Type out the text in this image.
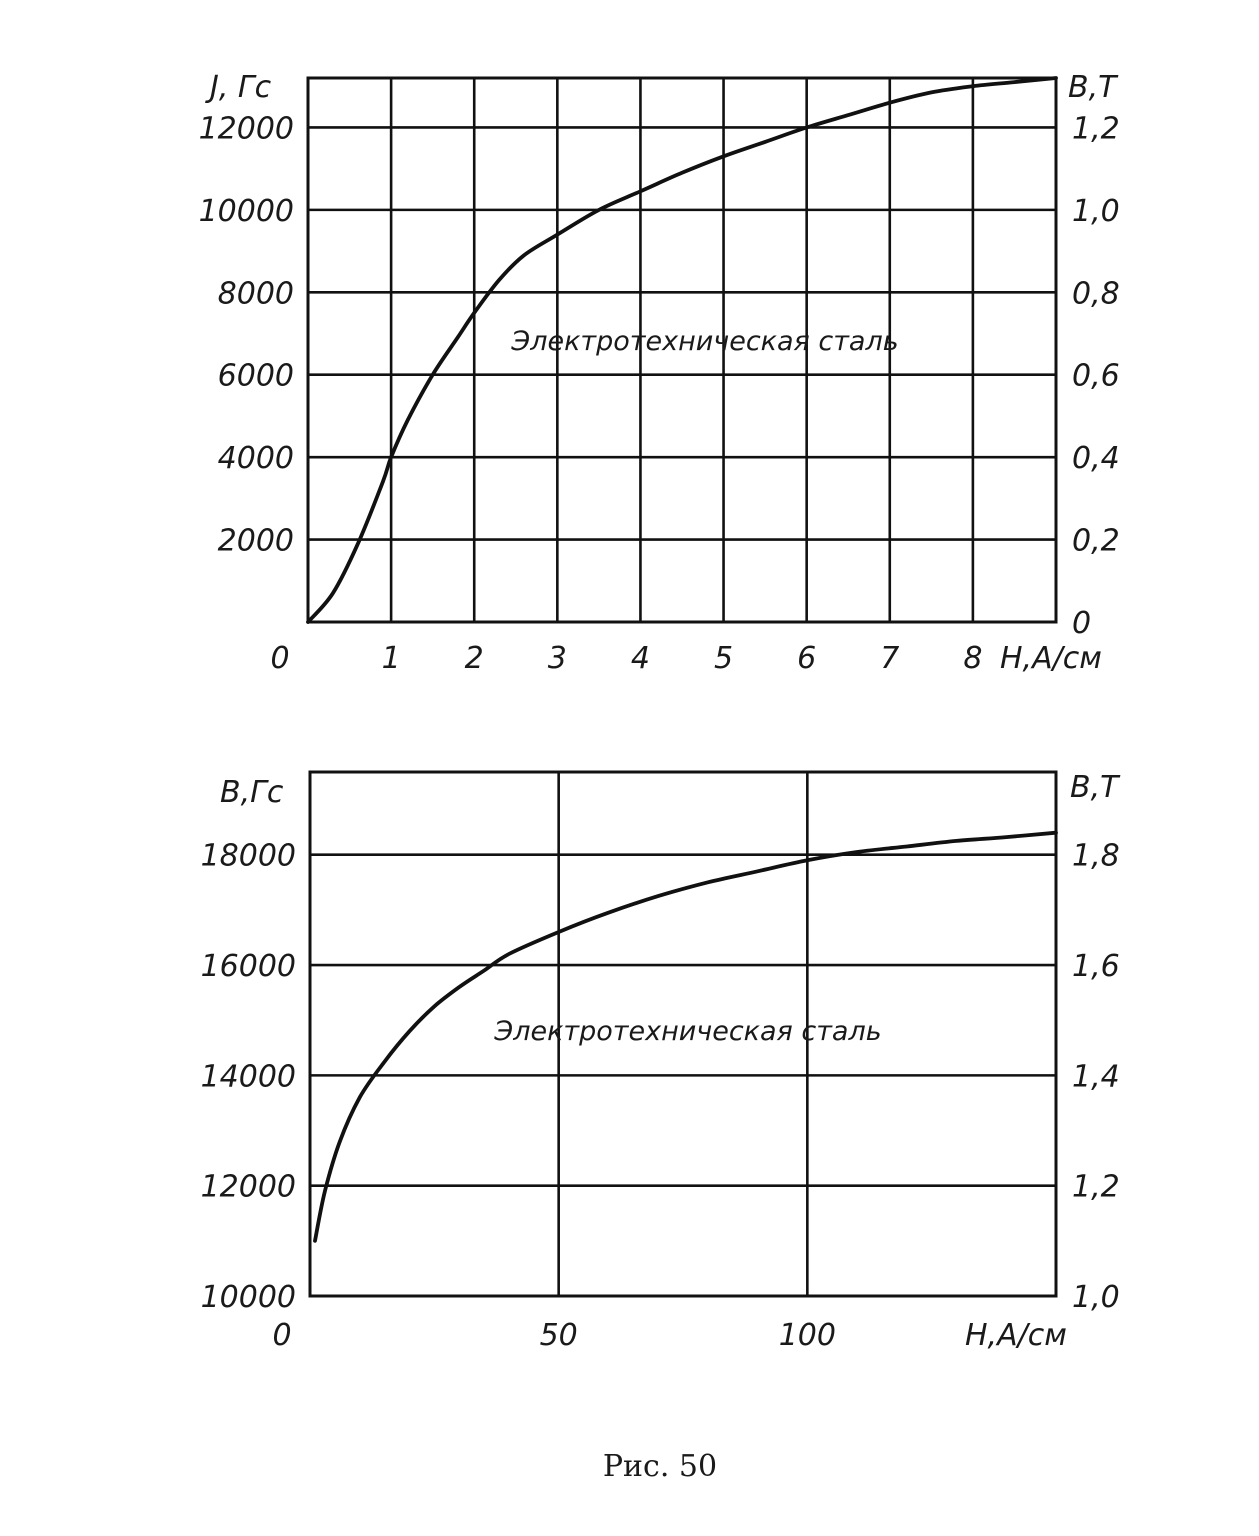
0	1 2 3 4 5 6 7 8
2000
4000
6000
8000
10000
12000
0
0,2
0,4
0,6
0,8
1,0
1,2
J, Гс	В,Т
Н,А/см
Электротехническая сталь
0	50	100
10000
12000
14000
16000
18000
1,0
1,2
1,4
1,6
1,8
В,Гс	В,Т
Н,А/см
Электротехническая сталь
Рис. 50
